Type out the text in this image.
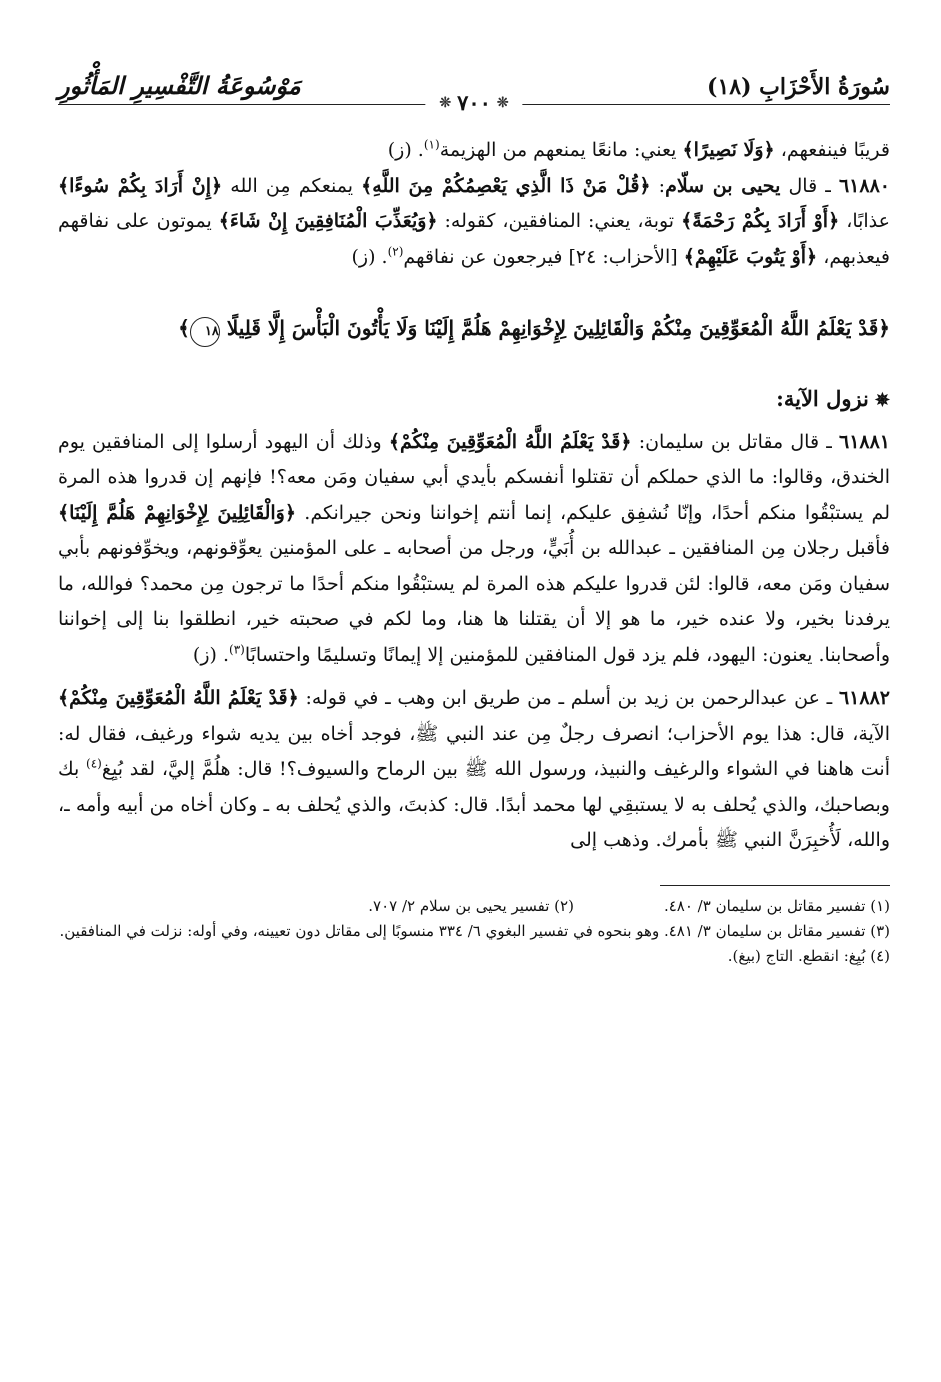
سُورَةُ الأَحْزَابِ (١٨)
مَوْسُوعَةُ التَّفْسِيرِ المَأْثُورِ
❊
٧٠٠
❊

قريبًا فينفعهم، ﴿وَلَا نَصِيرًا﴾ يعني: مانعًا يمنعهم من الهزيمة$^{(١)}$. (ز)

٦١٨٨٠ ـ قال يحيى بن سلّام: ﴿قُلْ مَنْ ذَا الَّذِي يَعْصِمُكُمْ مِنَ اللَّهِ﴾ يمنعكم مِن الله ﴿إِنْ أَرَادَ بِكُمْ سُوءًا﴾ عذابًا، ﴿أَوْ أَرَادَ بِكُمْ رَحْمَةً﴾ توبة، يعني: المنافقين، كقوله: ﴿وَيُعَذِّبَ الْمُنَافِقِينَ إِنْ شَاءَ﴾ يموتون على نفاقهم فيعذبهم، ﴿أَوْ يَتُوبَ عَلَيْهِمْ﴾ [الأحزاب: ٢٤] فيرجعون عن نفاقهم$^{(٢)}$. (ز)

﴿قَدْ يَعْلَمُ اللَّهُ الْمُعَوِّقِينَ مِنْكُمْ وَالْقَائِلِينَ لِإِخْوَانِهِمْ هَلُمَّ إِلَيْنَا وَلَا يَأْتُونَ الْبَأْسَ إِلَّا قَلِيلًا ١٨﴾
✵نزول الآية:

٦١٨٨١ ـ قال مقاتل بن سليمان: ﴿قَدْ يَعْلَمُ اللَّهُ الْمُعَوِّقِينَ مِنْكُمْ﴾ وذلك أن اليهود أرسلوا إلى المنافقين يوم الخندق، وقالوا: ما الذي حملكم أن تقتلوا أنفسكم بأيدي أبي سفيان ومَن معه؟! فإنهم إن قدروا هذه المرة لم يستبْقُوا منكم أحدًا، وإنّا نُشفِق عليكم، إنما أنتم إخواننا ونحن جيرانكم. ﴿وَالْقَائِلِينَ لِإِخْوَانِهِمْ هَلُمَّ إِلَيْنَا﴾ فأقبل رجلان مِن المنافقين ـ عبدالله بن أُبَيٍّ، ورجل من أصحابه ـ على المؤمنين يعوِّقونهم، ويخوِّفونهم بأبي سفيان ومَن معه، قالوا: لئن قدروا عليكم هذه المرة لم يستبْقُوا منكم أحدًا ما ترجون مِن محمد؟ فوالله، ما يرفدنا بخير، ولا عنده خير، ما هو إلا أن يقتلنا ها هنا، وما لكم في صحبته خير، انطلقوا بنا إلى إخواننا وأصحابنا. يعنون: اليهود، فلم يزد قول المنافقين للمؤمنين إلا إيمانًا وتسليمًا واحتسابًا$^{(٣)}$. (ز)

٦١٨٨٢ ـ عن عبدالرحمن بن زيد بن أسلم ـ من طريق ابن وهب ـ في قوله: ﴿قَدْ يَعْلَمُ اللَّهُ الْمُعَوِّقِينَ مِنْكُمْ﴾ الآية، قال: هذا يوم الأحزاب؛ انصرف رجلٌ مِن عند النبي ﷺ، فوجد أخاه بين يديه شواء ورغيف، فقال له: أنت هاهنا في الشواء والرغيف والنبيذ، ورسول الله ﷺ بين الرماح والسيوف؟! قال: هلُمَّ إليَّ، لقد بُيِغ$^{(٤)}$ بك وبصاحبك، والذي يُحلف به لا يستبقِي لها محمد أبدًا. قال: كذبتَ، والذي يُحلف به ـ وكان أخاه من أبيه وأمه ـ، والله، لَأُخبِرَنَّ النبي ﷺ بأمرك. وذهب إلى

(١) تفسير مقاتل بن سليمان ٣/ ٤٨٠.
(٢) تفسير يحيى بن سلام ٢/ ٧٠٧.

(٣) تفسير مقاتل بن سليمان ٣/ ٤٨١. وهو بنحوه في تفسير البغوي ٦/ ٣٣٤ منسوبًا إلى مقاتل دون تعيينه، وفي أوله: نزلت في المنافقين.

(٤) بُيِغ: انقطع. التاج (بيغ).
